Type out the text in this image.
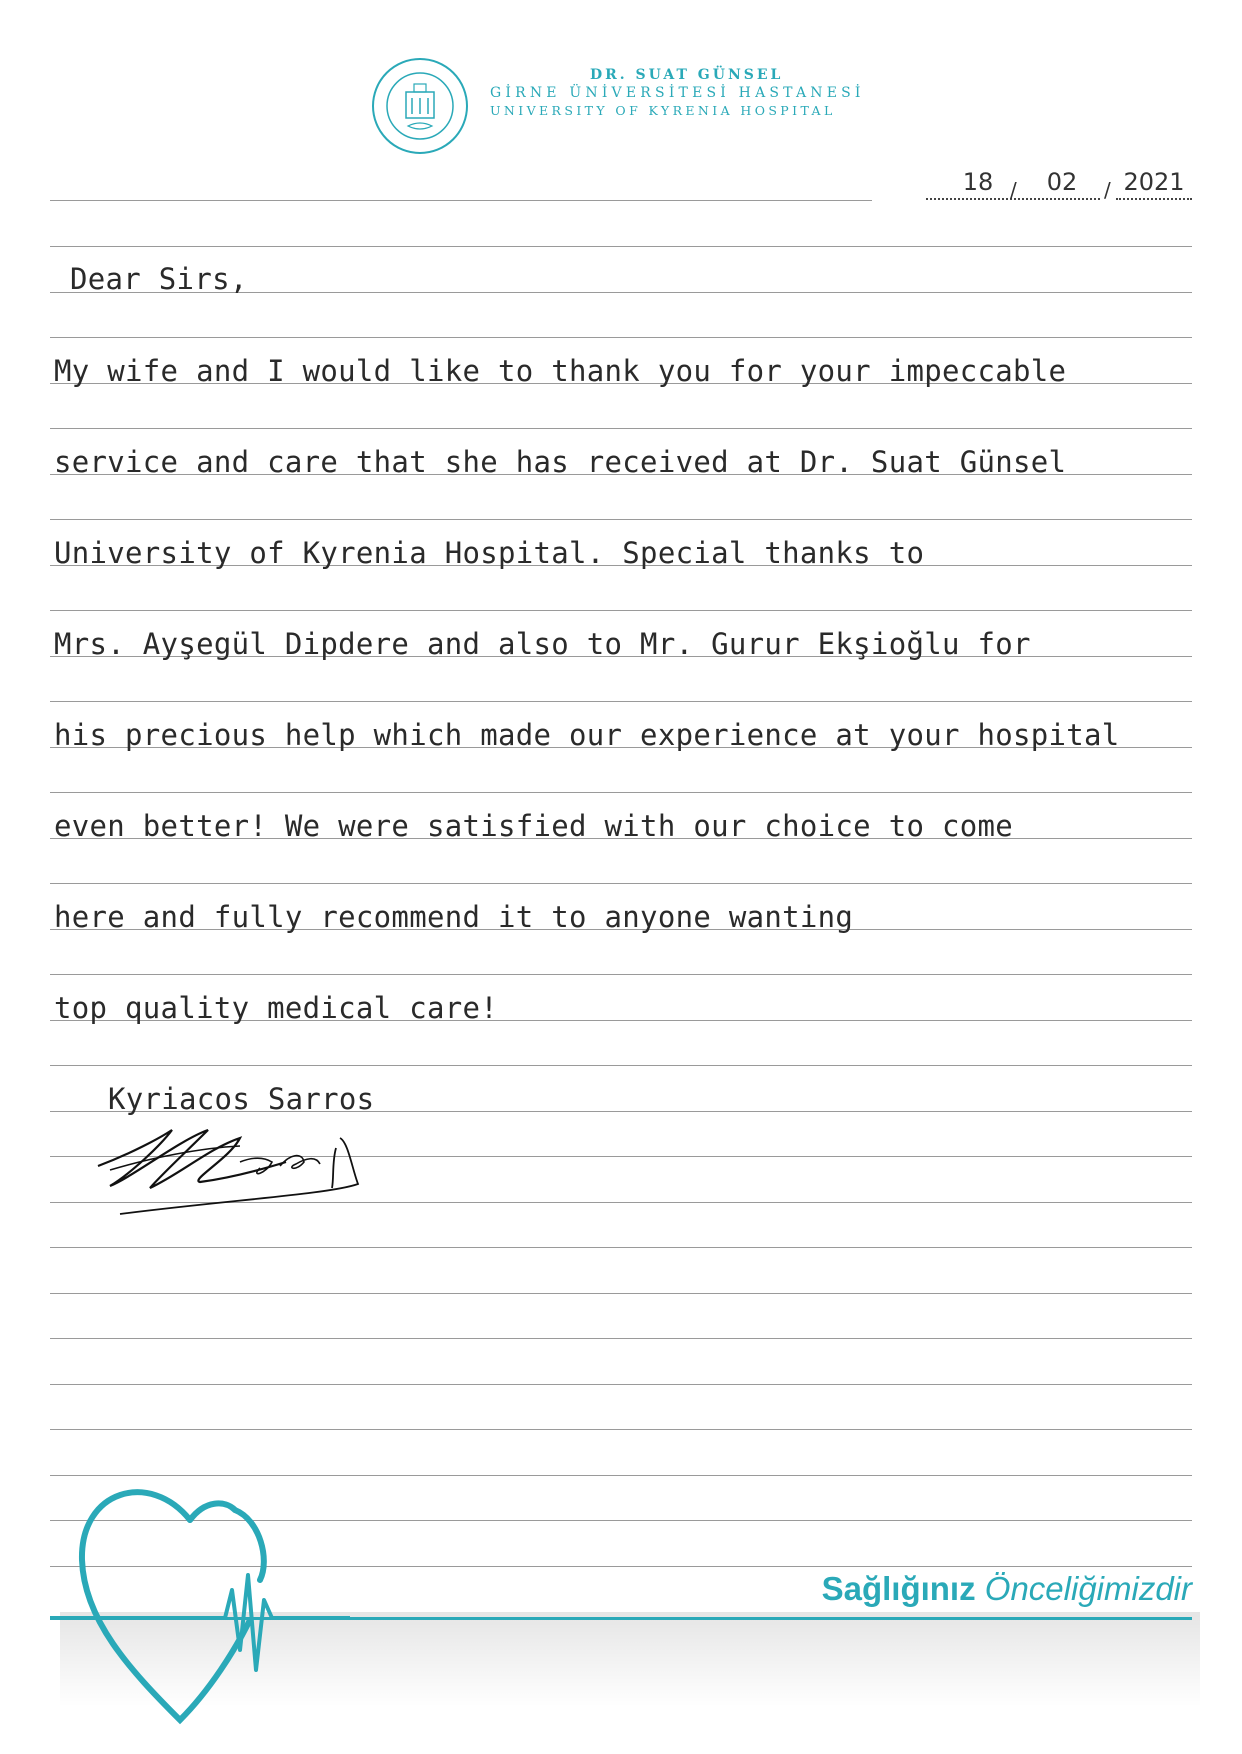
DR. SUAT GÜNSEL
GİRNE ÜNİVERSİTESİ HASTANESİ
UNIVERSITY OF KYRENIA HOSPITAL
18 /	02	/ 2021
Dear Sirs,
My wife and I would like to thank you for your impeccable
service and care that she has received at Dr. Suat Günsel
University of Kyrenia Hospital. Special thanks to
Mrs. Ayşegül Dipdere and also to Mr. Gurur Ekşioğlu for
his precious help which made our experience at your hospital
even better! We were satisfied with our choice to come
here and fully recommend it to anyone wanting
top quality medical care!
Kyriacos Sarros
Sağlığınız Önceliğimizdir
